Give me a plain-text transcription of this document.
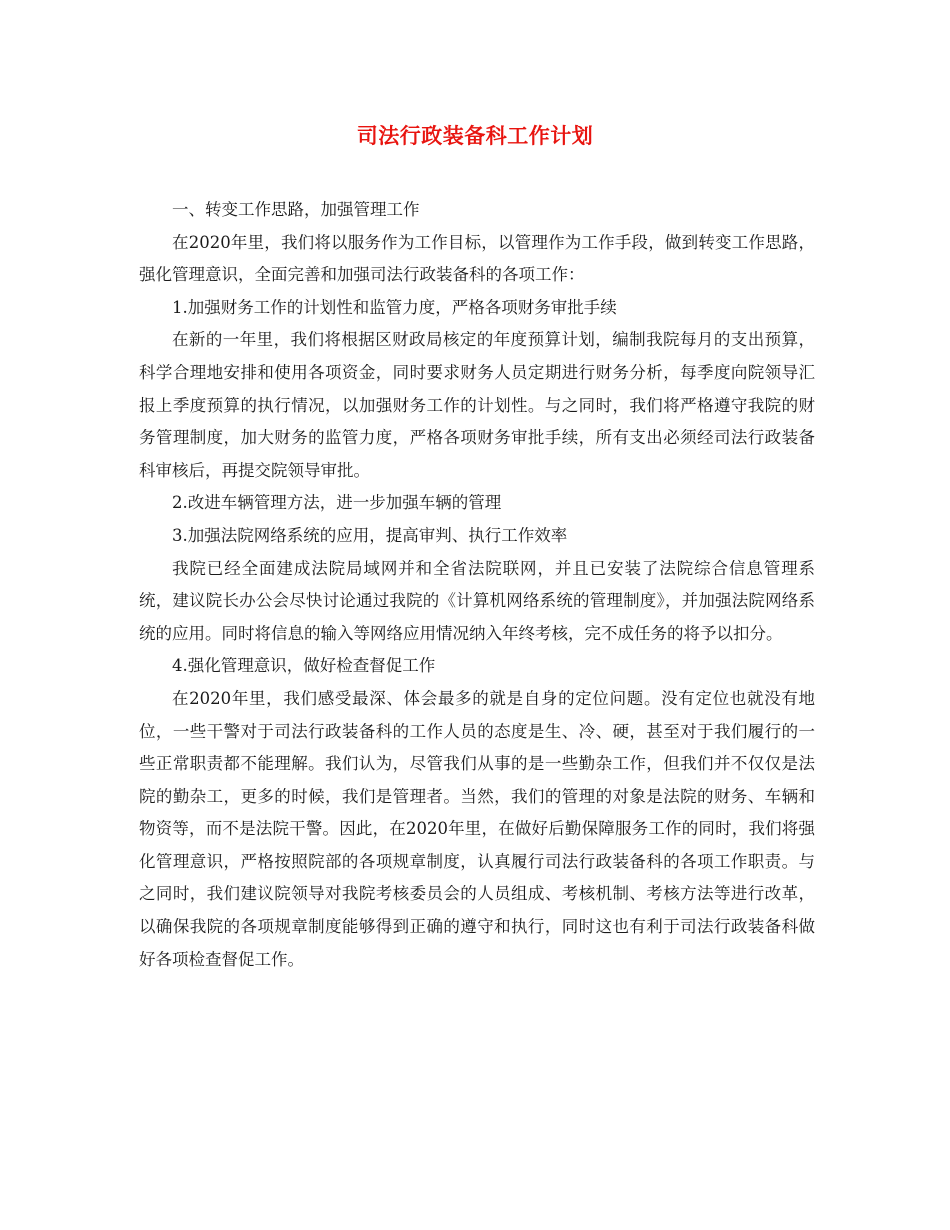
司法行政装备科工作计划

一、转变工作思路，加强管理工作

在2020年里，我们将以服务作为工作目标，以管理作为工作手段，做到转变工作思路，强化管理意识，全面完善和加强司法行政装备科的各项工作：

1.加强财务工作的计划性和监管力度，严格各项财务审批手续

在新的一年里，我们将根据区财政局核定的年度预算计划，编制我院每月的支出预算，科学合理地安排和使用各项资金，同时要求财务人员定期进行财务分析，每季度向院领导汇报上季度预算的执行情况，以加强财务工作的计划性。与之同时，我们将严格遵守我院的财务管理制度，加大财务的监管力度，严格各项财务审批手续，所有支出必须经司法行政装备科审核后，再提交院领导审批。

2.改进车辆管理方法，进一步加强车辆的管理

3.加强法院网络系统的应用，提高审判、执行工作效率

我院已经全面建成法院局域网并和全省法院联网，并且已安装了法院综合信息管理系统，建议院长办公会尽快讨论通过我院的《计算机网络系统的管理制度》，并加强法院网络系统的应用。同时将信息的输入等网络应用情况纳入年终考核，完不成任务的将予以扣分。

4.强化管理意识，做好检查督促工作

在2020年里，我们感受最深、体会最多的就是自身的定位问题。没有定位也就没有地位，一些干警对于司法行政装备科的工作人员的态度是生、冷、硬，甚至对于我们履行的一些正常职责都不能理解。我们认为，尽管我们从事的是一些勤杂工作，但我们并不仅仅是法院的勤杂工，更多的时候，我们是管理者。当然，我们的管理的对象是法院的财务、车辆和物资等，而不是法院干警。因此，在2020年里，在做好后勤保障服务工作的同时，我们将强化管理意识，严格按照院部的各项规章制度，认真履行司法行政装备科的各项工作职责。与之同时，我们建议院领导对我院考核委员会的人员组成、考核机制、考核方法等进行改革，以确保我院的各项规章制度能够得到正确的遵守和执行，同时这也有利于司法行政装备科做好各项检查督促工作。
